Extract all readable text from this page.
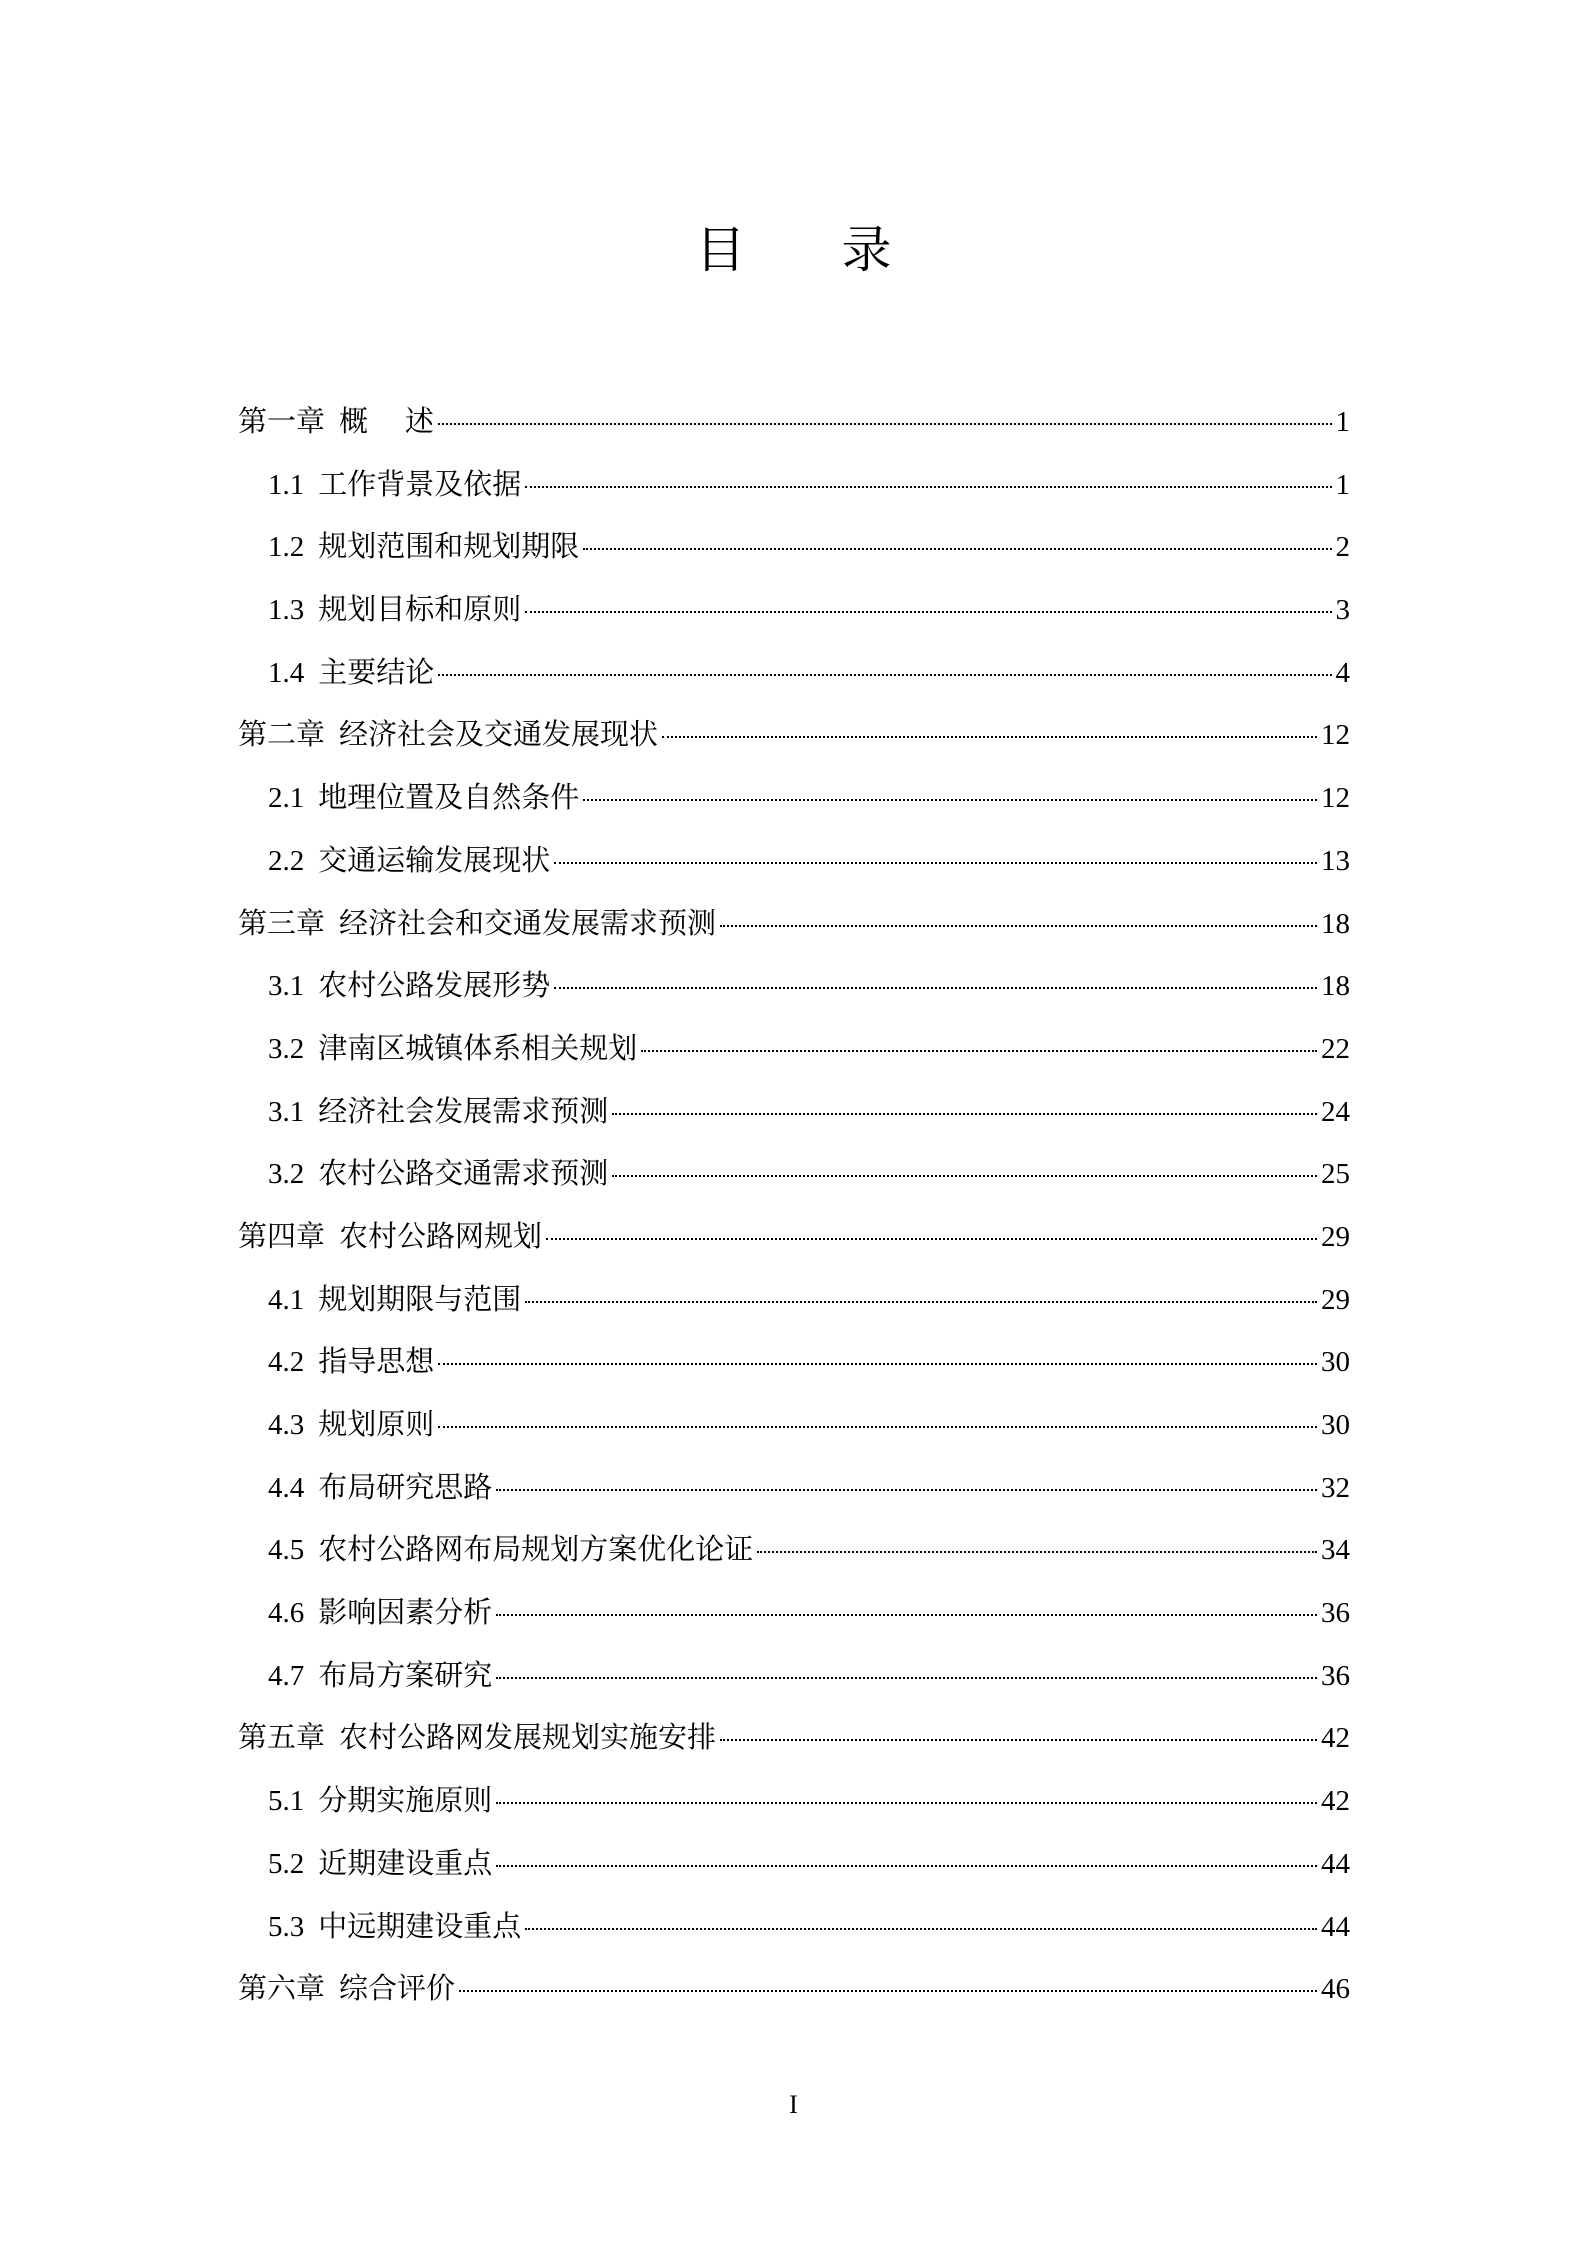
目 录
第一章 概    述	1
1.1 工作背景及依据	1
1.2 规划范围和规划期限	2
1.3 规划目标和原则	3
1.4 主要结论	4
第二章 经济社会及交通发展现状	12
2.1 地理位置及自然条件	12
2.2 交通运输发展现状	13
第三章 经济社会和交通发展需求预测	18
3.1 农村公路发展形势	18
3.2 津南区城镇体系相关规划	22
3.1 经济社会发展需求预测	24
3.2 农村公路交通需求预测	25
第四章 农村公路网规划	29
4.1 规划期限与范围	29
4.2 指导思想	30
4.3 规划原则	30
4.4 布局研究思路	32
4.5 农村公路网布局规划方案优化论证	34
4.6 影响因素分析	36
4.7 布局方案研究	36
第五章 农村公路网发展规划实施安排	42
5.1 分期实施原则	42
5.2 近期建设重点	44
5.3 中远期建设重点	44
第六章 综合评价	46
I
